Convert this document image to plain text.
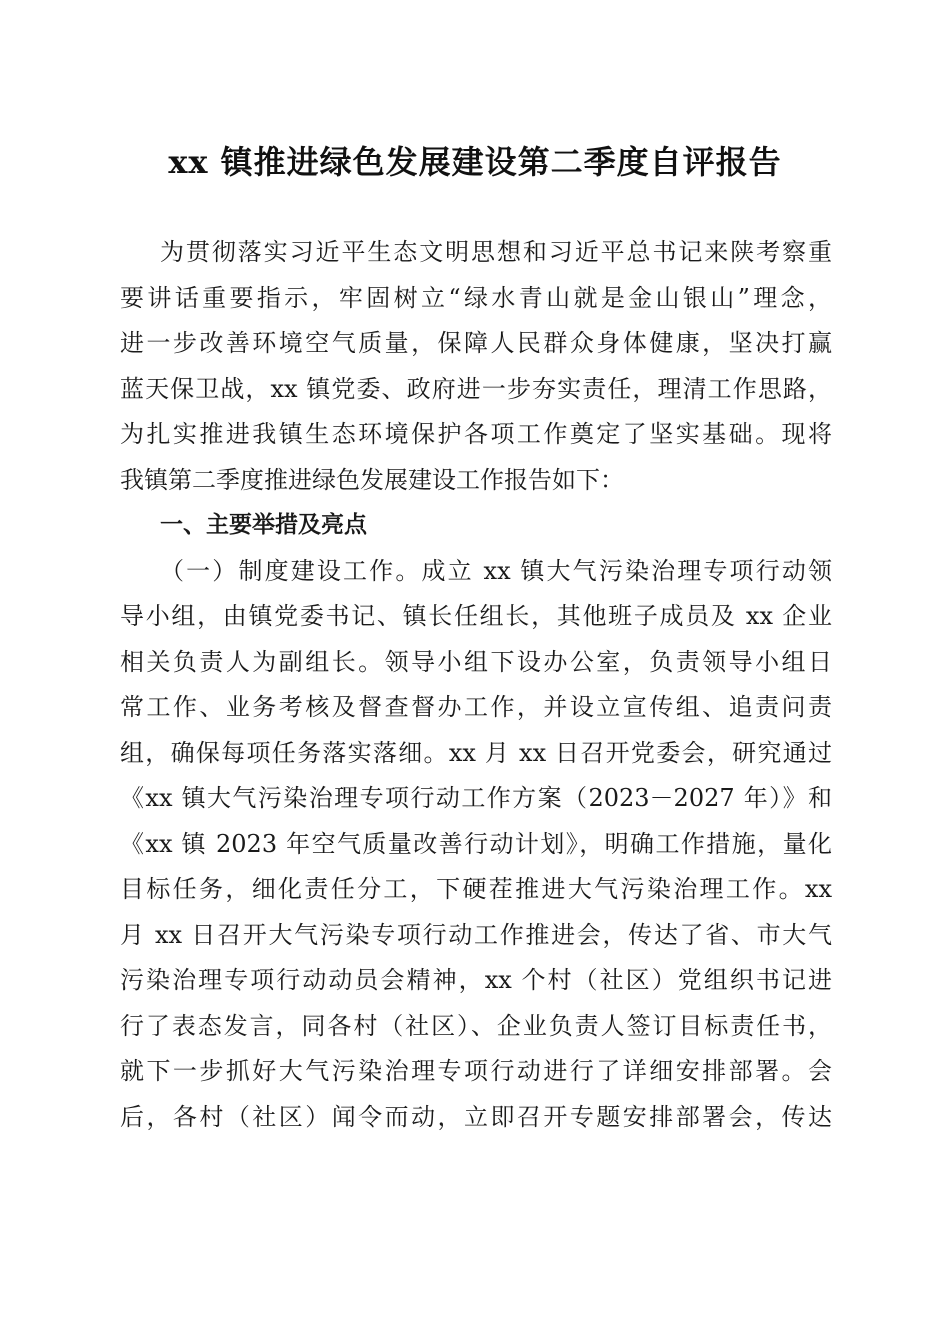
xx 镇推进绿色发展建设第二季度自评报告
为贯彻落实习近平生态文明思想和习近平总书记来陕考察重
要讲话重要指示，牢固树立“绿水青山就是金山银山”理念，
进一步改善环境空气质量，保障人民群众身体健康，坚决打赢
蓝天保卫战，xx 镇党委、政府进一步夯实责任，理清工作思路，
为扎实推进我镇生态环境保护各项工作奠定了坚实基础。现将
我镇第二季度推进绿色发展建设工作报告如下：
一、主要举措及亮点
（一）制度建设工作。成立 xx 镇大气污染治理专项行动领
导小组，由镇党委书记、镇长任组长，其他班子成员及 xx 企业
相关负责人为副组长。领导小组下设办公室，负责领导小组日
常工作、业务考核及督查督办工作，并设立宣传组、追责问责
组，确保每项任务落实落细。xx 月 xx 日召开党委会，研究通过
《xx 镇大气污染治理专项行动工作方案（2023－2027 年）》和
《xx 镇 2023 年空气质量改善行动计划》，明确工作措施，量化
目标任务，细化责任分工，下硬茬推进大气污染治理工作。xx
月 xx 日召开大气污染专项行动工作推进会，传达了省、市大气
污染治理专项行动动员会精神，xx 个村（社区）党组织书记进
行了表态发言，同各村（社区）、企业负责人签订目标责任书，
就下一步抓好大气污染治理专项行动进行了详细安排部署。会
后，各村（社区）闻令而动，立即召开专题安排部署会，传达
